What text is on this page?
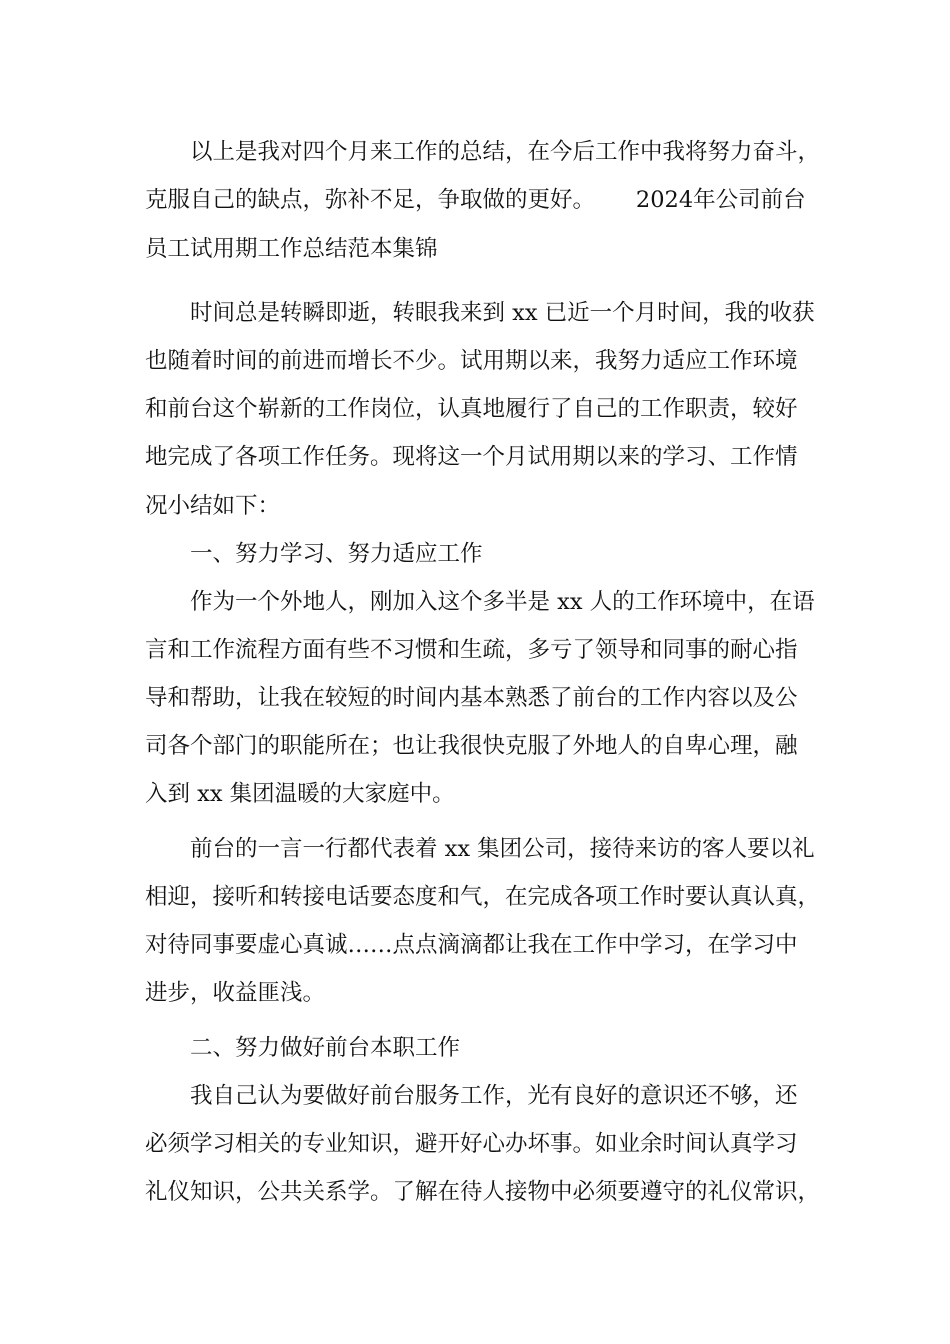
以上是我对四个月来工作的总结，在今后工作中我将努力奋斗，
克服自己的缺点，弥补不足，争取做的更好。　　 2024年公司前台
员工试用期工作总结范本集锦
时间总是转瞬即逝，转眼我来到 xx 已近一个月时间，我的收获
也随着时间的前进而增长不少。试用期以来，我努力适应工作环境
和前台这个崭新的工作岗位，认真地履行了自己的工作职责，较好
地完成了各项工作任务。现将这一个月试用期以来的学习、工作情
况小结如下：
一、努力学习、努力适应工作
作为一个外地人，刚加入这个多半是 xx 人的工作环境中，在语
言和工作流程方面有些不习惯和生疏，多亏了领导和同事的耐心指
导和帮助，让我在较短的时间内基本熟悉了前台的工作内容以及公
司各个部门的职能所在；也让我很快克服了外地人的自卑心理，融
入到 xx 集团温暖的大家庭中。
前台的一言一行都代表着 xx 集团公司，接待来访的客人要以礼
相迎，接听和转接电话要态度和气，在完成各项工作时要认真认真，
对待同事要虚心真诚……点点滴滴都让我在工作中学习，在学习中
进步，收益匪浅。
二、努力做好前台本职工作
我自己认为要做好前台服务工作，光有良好的意识还不够，还
必须学习相关的专业知识，避开好心办坏事。如业余时间认真学习
礼仪知识，公共关系学。了解在待人接物中必须要遵守的礼仪常识，
